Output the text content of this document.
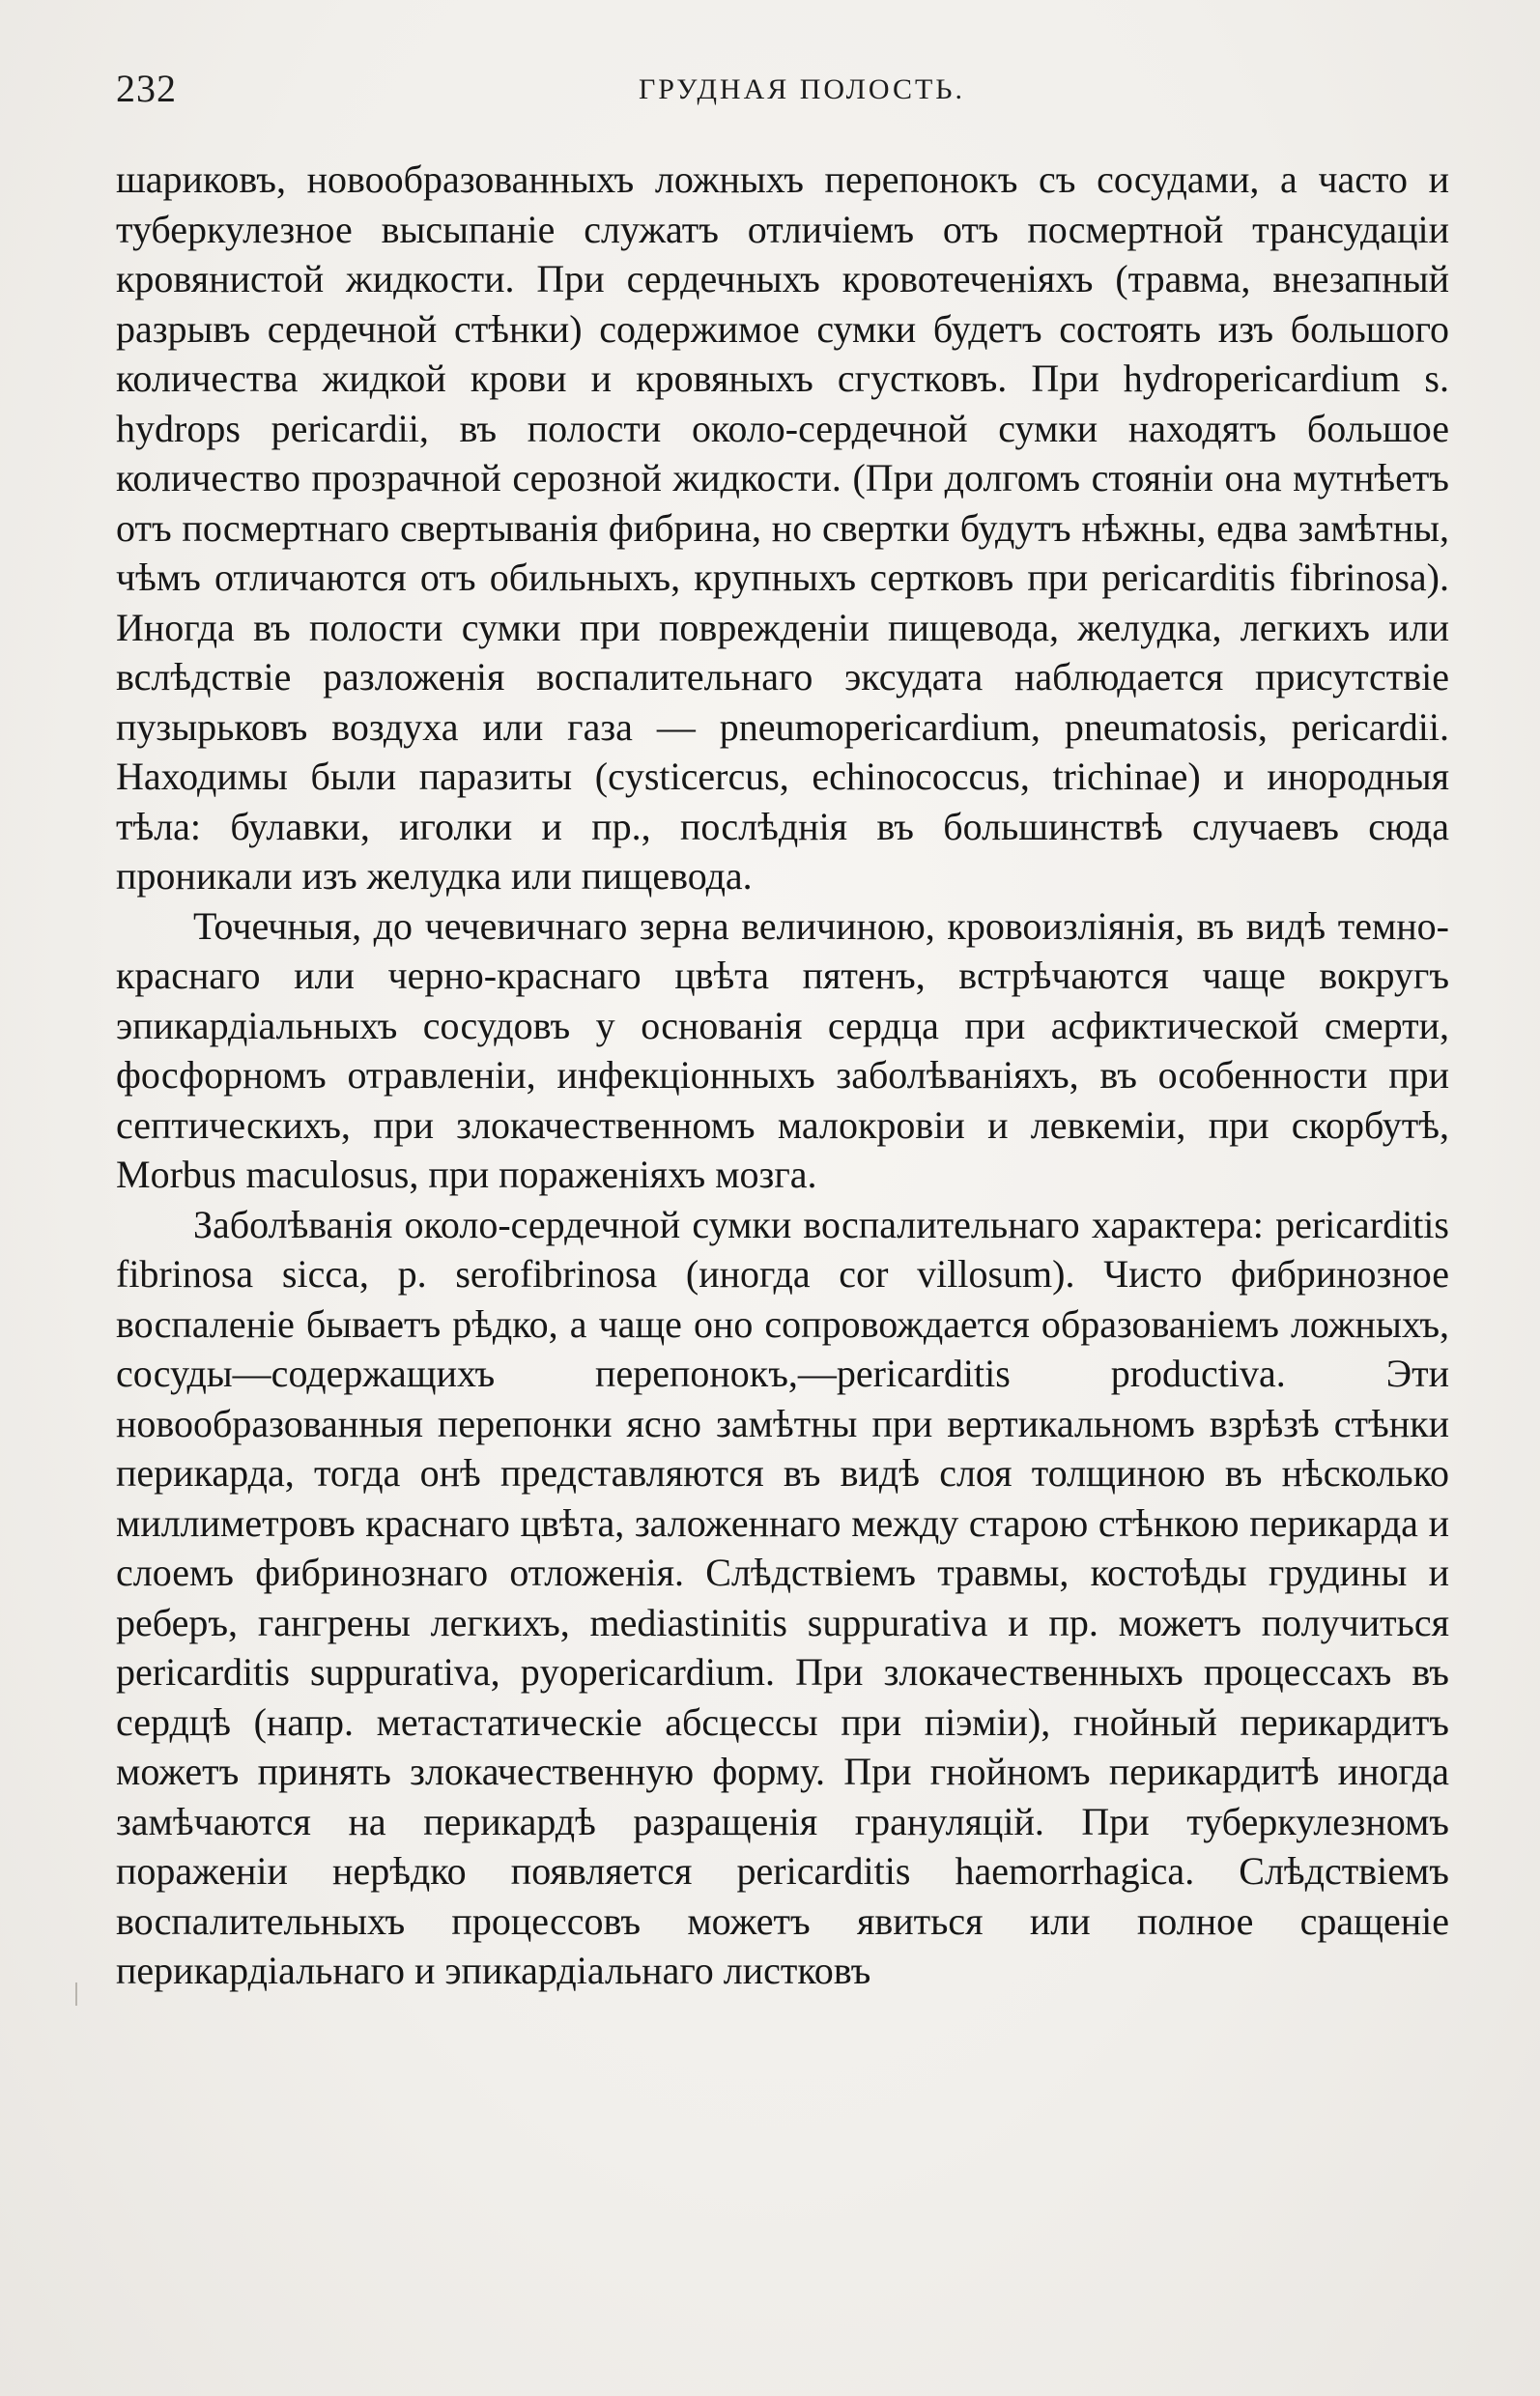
232	ГРУДНАЯ ПОЛОСТЬ.

шариковъ, новообразованныхъ ложныхъ перепонокъ съ сосудами, а часто и туберкулезное высыпаніе служатъ отличіемъ отъ посмертной трансудаціи кровянистой жидкости. При сердечныхъ кровотеченіяхъ (травма, внезапный разрывъ сердечной стѣнки) содержимое сумки будетъ состоять изъ большого количества жидкой крови и кровяныхъ сгустковъ. При hydropericardium s. hydrops pericardii, въ полости около-сердечной сумки находятъ большое количество прозрачной серозной жидкости. (При долгомъ стояніи она мутнѣетъ отъ посмертнаго свертыванія фибрина, но свертки будутъ нѣжны, едва замѣтны, чѣмъ отличаются отъ обильныхъ, крупныхъ сертковъ при pericarditis fibrinosa). Иногда въ полости сумки при поврежденіи пищевода, желудка, легкихъ или вслѣдствіе разложенія воспалительнаго эксудата наблюдается присутствіе пузырьковъ воздуха или газа — pneumopericardium, pneumatosis, pericardii. Находимы были паразиты (cysticercus, echinococcus, trichinae) и инородныя тѣла: булавки, иголки и пр., послѣднія въ большинствѣ случаевъ сюда проникали изъ желудка или пищевода.

Точечныя, до чечевичнаго зерна величиною, кровоизліянія, въ видѣ темно-краснаго или черно-краснаго цвѣта пятенъ, встрѣчаются чаще вокругъ эпикардіальныхъ сосудовъ у основанія сердца при асфиктической смерти, фосфорномъ отравленіи, инфекціонныхъ заболѣваніяхъ, въ особенности при септическихъ, при злокачественномъ малокровіи и левкеміи, при скорбутѣ, Morbus maculosus, при пораженіяхъ мозга.

Заболѣванія около-сердечной сумки воспалительнаго характера: pericarditis fibrinosa sicca, p. serofibrinosa (иногда cor villosum). Чисто фибринозное воспаленіе бываетъ рѣдко, а чаще оно сопровождается образованіемъ ложныхъ, сосуды—содержащихъ перепонокъ,—pericarditis productiva. Эти новообразованныя перепонки ясно замѣтны при вертикальномъ взрѣзѣ стѣнки перикарда, тогда онѣ представляются въ видѣ слоя толщиною въ нѣсколько миллиметровъ краснаго цвѣта, заложеннаго между старою стѣнкою перикарда и слоемъ фибринознаго отложенія. Слѣдствіемъ травмы, костоѣды грудины и реберъ, гангрены легкихъ, mediastinitis suppurativa и пр. можетъ получиться pericarditis suppurativa, pyopericardium. При злокачественныхъ процессахъ въ сердцѣ (напр. метастатическіе абсцессы при піэміи), гнойный перикардитъ можетъ принять злокачественную форму. При гнойномъ перикардитѣ иногда замѣчаются на перикардѣ разращенія грануляцій. При туберкулезномъ пораженіи нерѣдко появляется pericarditis haemorrhagica. Слѣдствіемъ воспалительныхъ процессовъ можетъ явиться или полное сращеніе перикардіальнаго и эпикардіальнаго листковъ
